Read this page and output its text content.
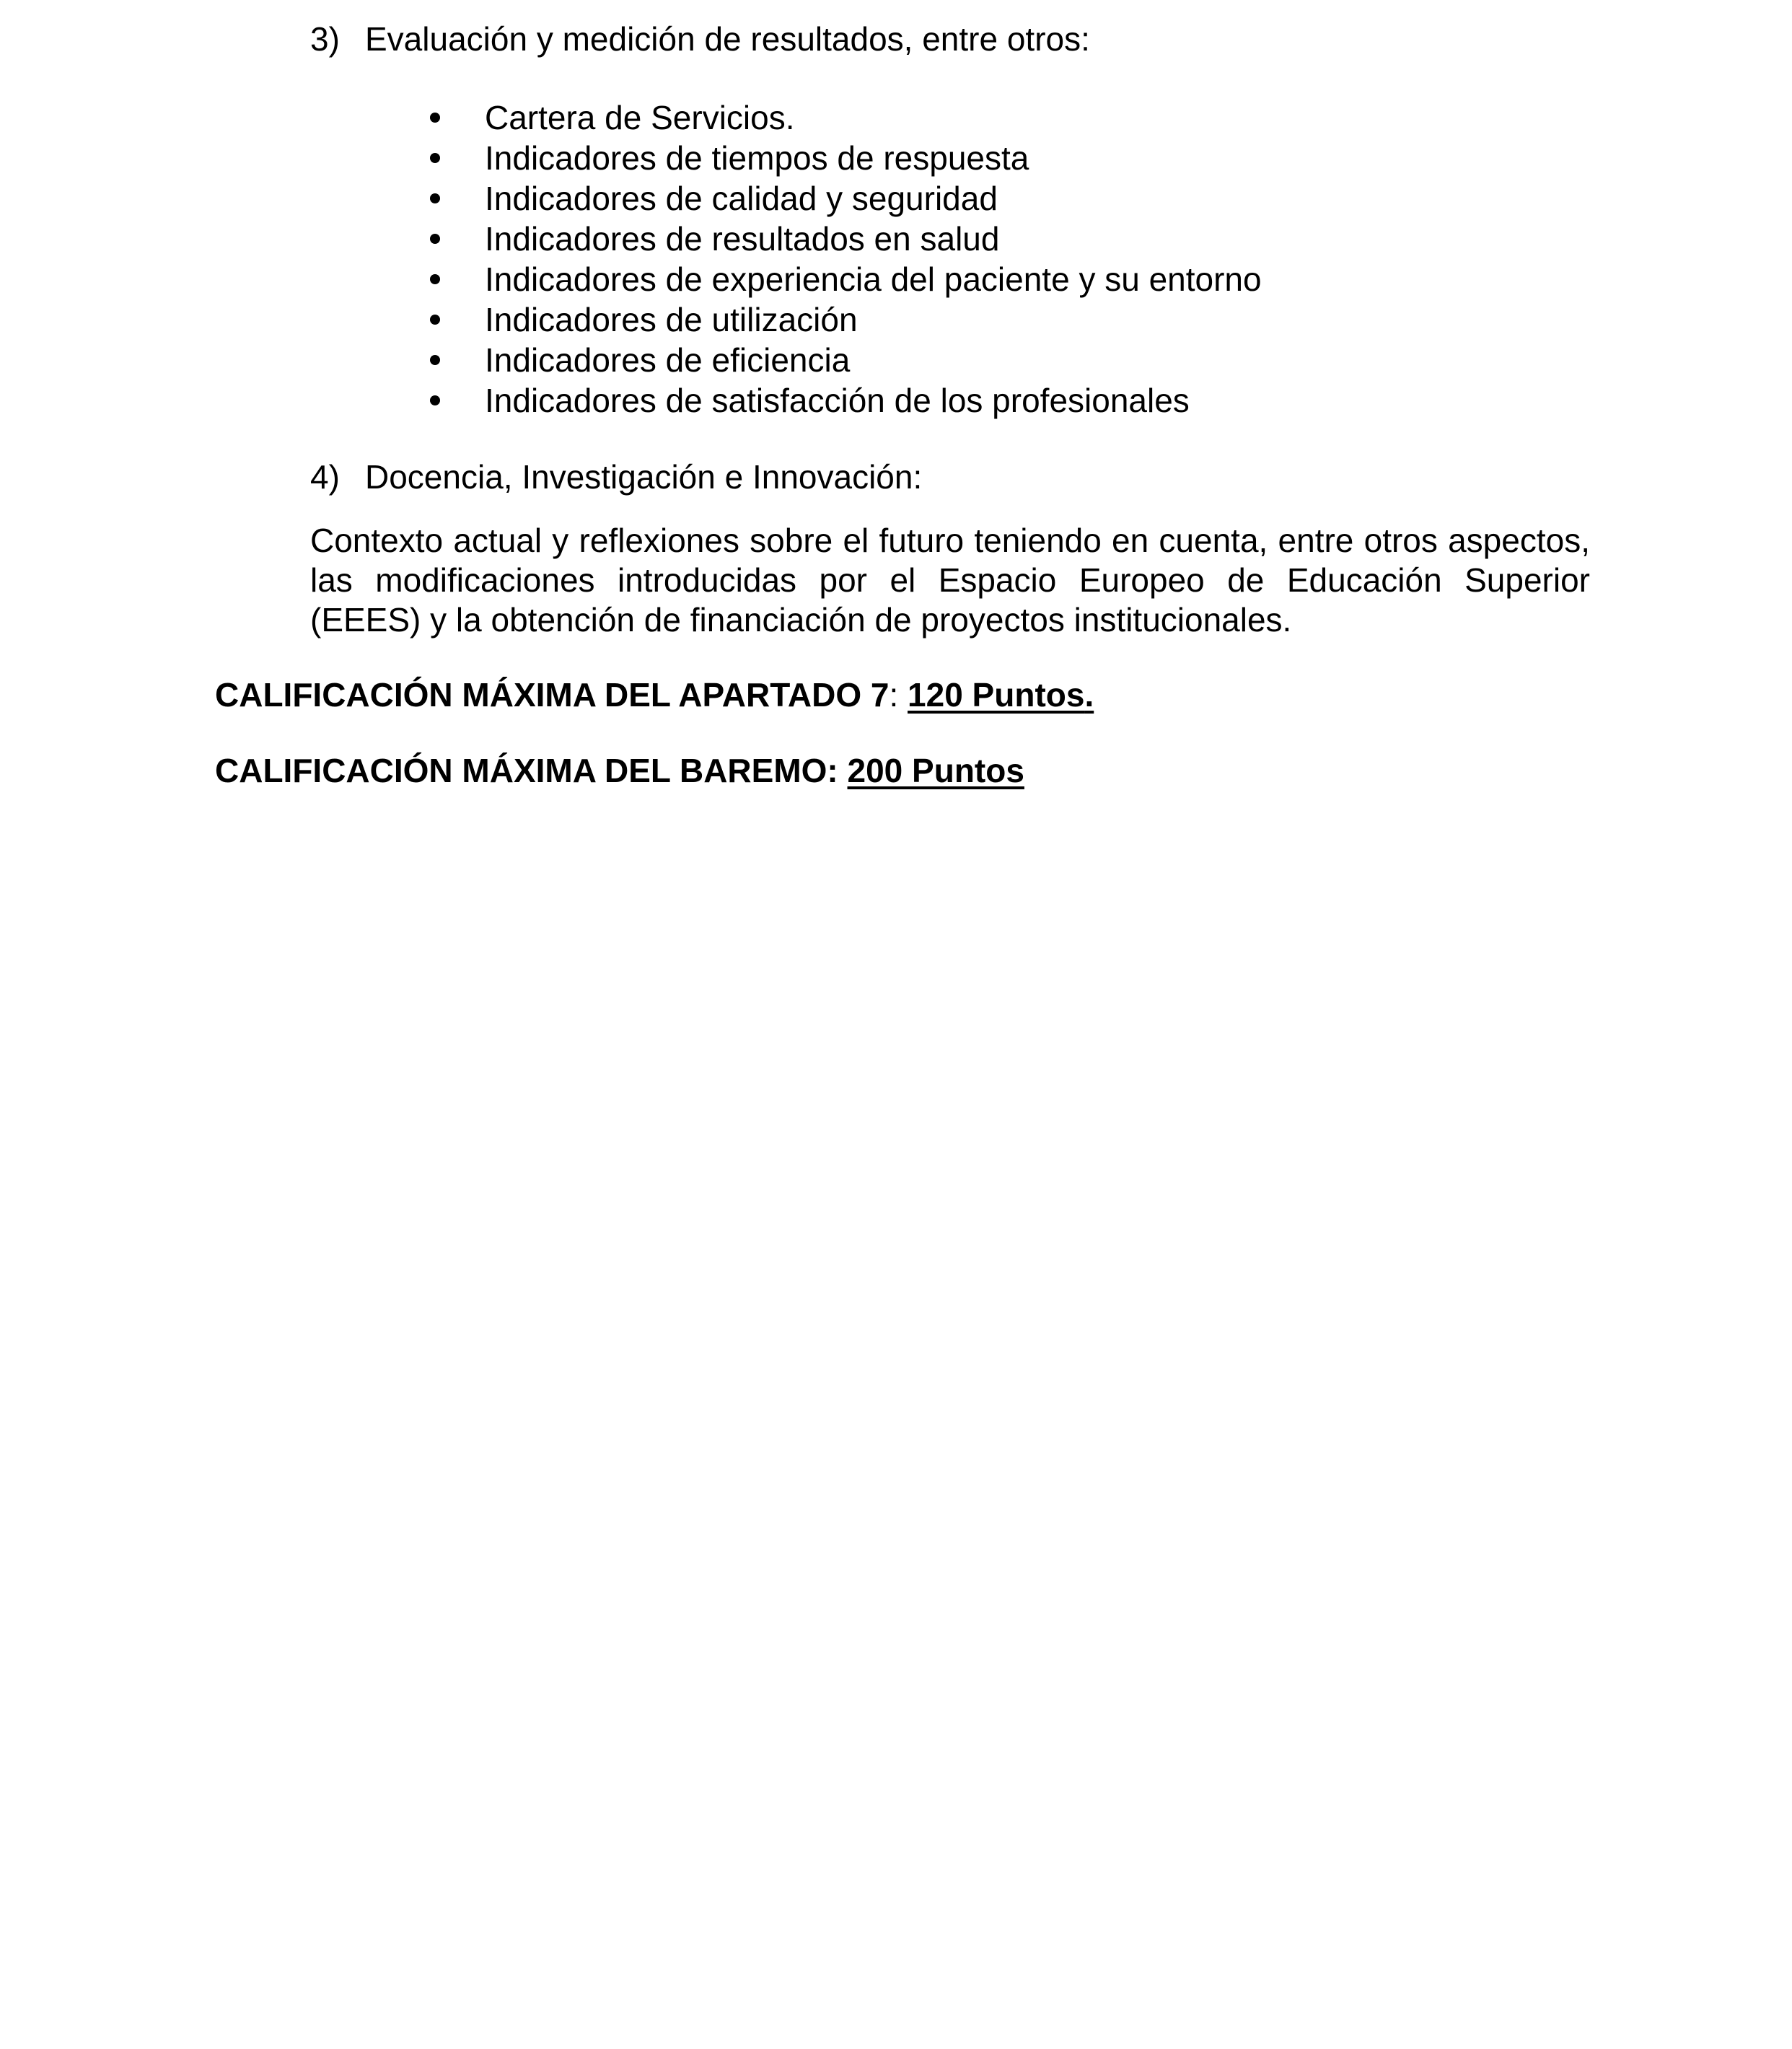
3) Evaluación y medición de resultados, entre otros:
Cartera de Servicios.
Indicadores de tiempos de respuesta
Indicadores de calidad y seguridad
Indicadores de resultados en salud
Indicadores de experiencia del paciente y su entorno
Indicadores de utilización
Indicadores de eficiencia
Indicadores de satisfacción de los profesionales
4) Docencia, Investigación e Innovación:
Contexto actual y reflexiones sobre el futuro teniendo en cuenta, entre otros aspectos,
las modificaciones introducidas por el Espacio Europeo de Educación Superior
(EEES) y la obtención de financiación de proyectos institucionales.
CALIFICACIÓN MÁXIMA DEL APARTADO 7: 120 Puntos.
CALIFICACIÓN MÁXIMA DEL BAREMO: 200 Puntos
